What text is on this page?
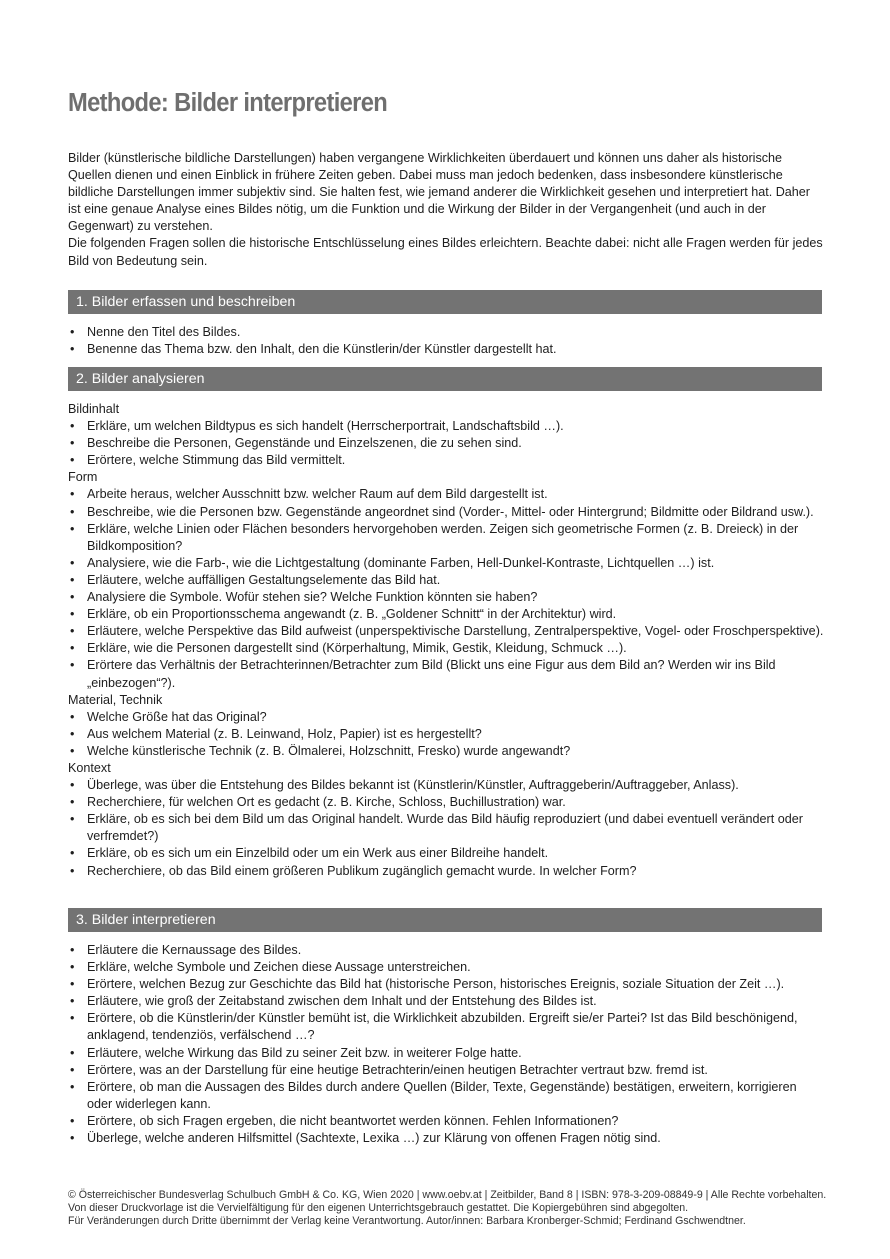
Methode: Bilder interpretieren

Bilder (künstlerische bildliche Darstellungen) haben vergangene Wirklichkeiten überdauert und können uns daher als historische Quellen dienen und einen Einblick in frühere Zeiten geben. Dabei muss man jedoch bedenken, dass insbesondere künstlerische bildliche Darstellungen immer subjektiv sind. Sie halten fest, wie jemand anderer die Wirklichkeit gesehen und interpretiert hat. Daher ist eine genaue Analyse eines Bildes nötig, um die Funktion und die Wirkung der Bilder in der Vergangenheit (und auch in der Gegenwart) zu verstehen.

Die folgenden Fragen sollen die historische Entschlüsselung eines Bildes erleichtern. Beachte dabei: nicht alle Fragen werden für jedes Bild von Bedeutung sein.

1. Bilder erfassen und beschreiben
• Nenne den Titel des Bildes.
• Benenne das Thema bzw. den Inhalt, den die Künstlerin/der Künstler dargestellt hat.
2. Bilder analysieren

Bildinhalt

• Erkläre, um welchen Bildtypus es sich handelt (Herrscherportrait, Landschaftsbild …).
• Beschreibe die Personen, Gegenstände und Einzelszenen, die zu sehen sind.
• Erörtere, welche Stimmung das Bild vermittelt.

Form

• Arbeite heraus, welcher Ausschnitt bzw. welcher Raum auf dem Bild dargestellt ist.
• Beschreibe, wie die Personen bzw. Gegenstände angeordnet sind (Vorder-, Mittel- oder Hintergrund; Bildmitte oder Bildrand usw.).
• Erkläre, welche Linien oder Flächen besonders hervorgehoben werden. Zeigen sich geometrische Formen (z. B. Dreieck) in der Bildkomposition?
• Analysiere, wie die Farb-, wie die Lichtgestaltung (dominante Farben, Hell-Dunkel-Kontraste, Lichtquellen …) ist.
• Erläutere, welche auffälligen Gestaltungselemente das Bild hat.
• Analysiere die Symbole. Wofür stehen sie? Welche Funktion könnten sie haben?
• Erkläre, ob ein Proportionsschema angewandt (z. B. „Goldener Schnitt“ in der Architektur) wird.
• Erläutere, welche Perspektive das Bild aufweist (unperspektivische Darstellung, Zentralperspektive, Vogel- oder Froschperspektive).
• Erkläre, wie die Personen dargestellt sind (Körperhaltung, Mimik, Gestik, Kleidung, Schmuck …).
• Erörtere das Verhältnis der Betrachterinnen/Betrachter zum Bild (Blickt uns eine Figur aus dem Bild an? Werden wir ins Bild „einbezogen“?).

Material, Technik

• Welche Größe hat das Original?
• Aus welchem Material (z. B. Leinwand, Holz, Papier) ist es hergestellt?
• Welche künstlerische Technik (z. B. Ölmalerei, Holzschnitt, Fresko) wurde angewandt?

Kontext

• Überlege, was über die Entstehung des Bildes bekannt ist (Künstlerin/Künstler, Auftraggeberin/Auftraggeber, Anlass).
• Recherchiere, für welchen Ort es gedacht (z. B. Kirche, Schloss, Buchillustration) war.
• Erkläre, ob es sich bei dem Bild um das Original handelt. Wurde das Bild häufig reproduziert (und dabei eventuell verändert oder verfremdet?)
• Erkläre, ob es sich um ein Einzelbild oder um ein Werk aus einer Bildreihe handelt.
• Recherchiere, ob das Bild einem größeren Publikum zugänglich gemacht wurde. In welcher Form?
3. Bilder interpretieren
• Erläutere die Kernaussage des Bildes.
• Erkläre, welche Symbole und Zeichen diese Aussage unterstreichen.
• Erörtere, welchen Bezug zur Geschichte das Bild hat (historische Person, historisches Ereignis, soziale Situation der Zeit …).
• Erläutere, wie groß der Zeitabstand zwischen dem Inhalt und der Entstehung des Bildes ist.
• Erörtere, ob die Künstlerin/der Künstler bemüht ist, die Wirklichkeit abzubilden. Ergreift sie/er Partei? Ist das Bild beschönigend, anklagend, tendenziös, verfälschend …?
• Erläutere, welche Wirkung das Bild zu seiner Zeit bzw. in weiterer Folge hatte.
• Erörtere, was an der Darstellung für eine heutige Betrachterin/einen heutigen Betrachter vertraut bzw. fremd ist.
• Erörtere, ob man die Aussagen des Bildes durch andere Quellen (Bilder, Texte, Gegenstände) bestätigen, erweitern, korrigieren oder widerlegen kann.
• Erörtere, ob sich Fragen ergeben, die nicht beantwortet werden können. Fehlen Informationen?
• Überlege, welche anderen Hilfsmittel (Sachtexte, Lexika …) zur Klärung von offenen Fragen nötig sind.

© Österreichischer Bundesverlag Schulbuch GmbH & Co. KG, Wien 2020 | www.oebv.at | Zeitbilder, Band 8 | ISBN: 978-3-209-08849-9 | Alle Rechte vorbehalten. Von dieser Druckvorlage ist die Vervielfältigung für den eigenen Unterrichtsgebrauch gestattet. Die Kopiergebühren sind abgegolten.

Für Veränderungen durch Dritte übernimmt der Verlag keine Verantwortung. Autor/innen: Barbara Kronberger-Schmid; Ferdinand Gschwendtner.
